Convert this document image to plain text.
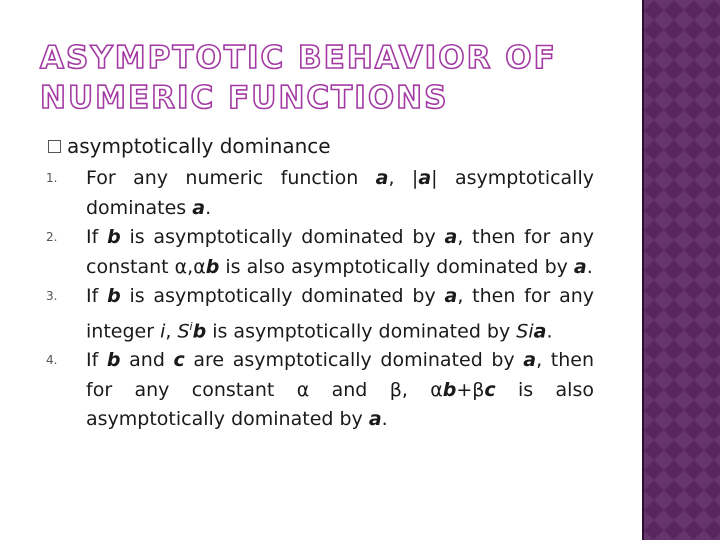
ASYMPTOTIC BEHAVIOR OF
NUMERIC FUNCTIONS
asymptotically dominance
1.	For any numeric function a, |a| asymptotically dominates a.
2.	If b is asymptotically dominated by a, then for any constant α,αb is also asymptotically dominated by a.
3.	If b is asymptotically dominated by a, then for any integer i, $S^ib$ is asymptotically dominated by Sia.
4.	If b and c are asymptotically dominated by a, then for any constant α and β, αb+βc is also asymptotically dominated by a.
